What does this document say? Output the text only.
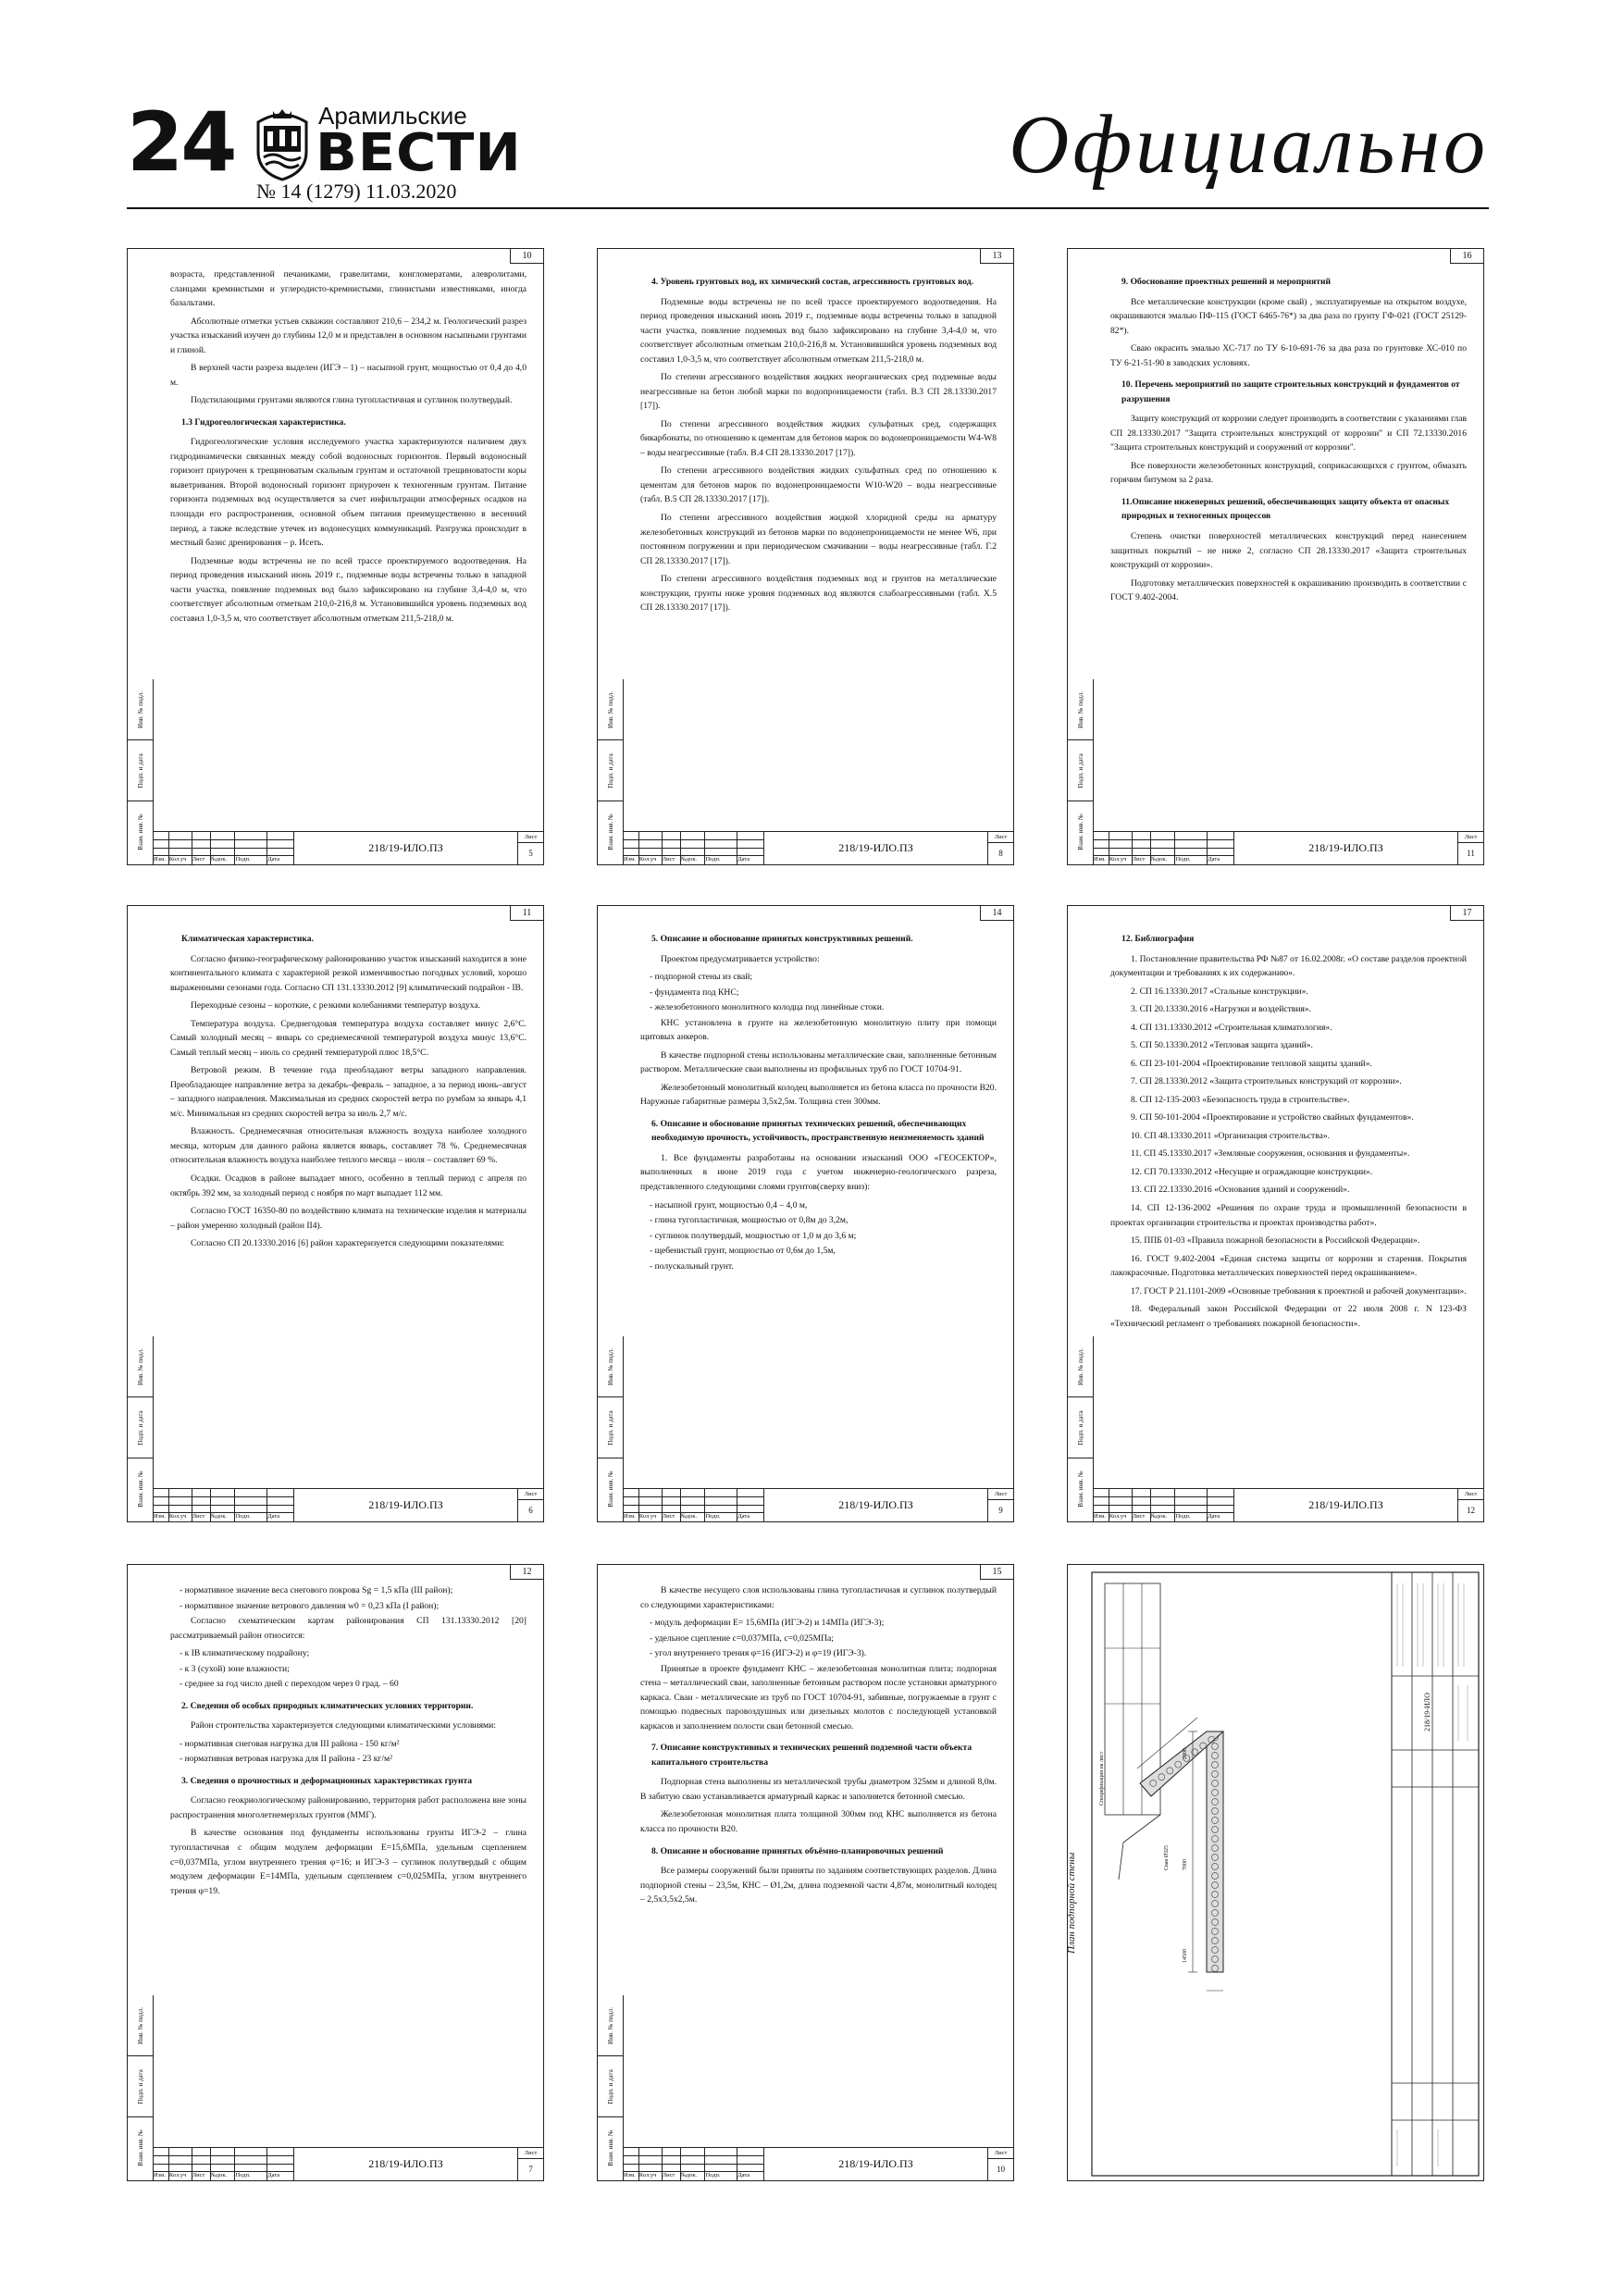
24	Арамильские
ВЕСТИ
№ 14 (1279) 11.03.2020
Официально
10
Инв. № подл.
Подп. и дата
Взам. инв. №

возраста, представленной печаниками, гравелитами, конгломератами, алевролитами, сланцами кремнистыми и углеродисто-кремнистыми, глинистыми известняками, иногда базальтами.

Абсолютные отметки устьев скважин составляют 210,6 – 234,2 м. Геологический разрез участка изысканий изучен до глубины 12,0 м и представлен в основном насыпными грунтами и глиной.

В верхней части разреза выделен (ИГЭ – 1) – насыпной грунт, мощностью от 0,4 до 4,0 м.

Подстилающими грунтами являются глина тугопластичная и суглинок полутвердый.

1.3 Гидрогеологическая характеристика.

Гидрогеологические условия исследуемого участка характеризуются наличием двух гидродинамически связанных между собой водоносных горизонтов. Первый водоносный горизонт приурочен к трещиноватым скальным грунтам и остаточной трещиноватости коры выветривания. Второй водоносный горизонт приурочен к техногенным грунтам. Питание горизонта подземных вод осуществляется за счет инфильтрации атмосферных осадков на площади его распространения, основной объем питания преимущественно в весенний период, а также вследствие утечек из водонесущих коммуникаций. Разгрузка происходит в местный базис дренирования – р. Исеть.

Подземные воды встречены не по всей трассе проектируемого водоотведения. На период проведения изысканий июнь 2019 г., подземные воды встречены только в западной части участка, появление подземных вод было зафиксировано на глубине 3,4-4,0 м, что соответствует абсолютным отметкам 210,0-216,8 м. Установившийся уровень подземных вод составил 1,0-3,5 м, что соответствует абсолютным отметкам 211,5-218,0 м.

Изм. Кол.уч Лист №док.	Подп.	Дата
218/19-ИЛО.ПЗ
Лист
5
13
Инв. № подл.
Подп. и дата
Взам. инв. №

4. Уровень грунтовых вод, их химический состав, агрессивность грунтовых вод.

Подземные воды встречены не по всей трассе проектируемого водоотведения. На период проведения изысканий июнь 2019 г., подземные воды встречены только в западной части участка, появление подземных вод было зафиксировано на глубине 3,4-4,0 м, что соответствует абсолютным отметкам 210,0-216,8 м. Установившийся уровень подземных вод составил 1,0-3,5 м, что соответствует абсолютным отметкам 211,5-218,0 м.

По степени агрессивного воздействия жидких неорганических сред подземные воды неагрессивные на бетон любой марки по водопроницаемости (табл. В.3 СП 28.13330.2017 [17]).

По степени агрессивного воздействия жидких сульфатных сред, содержащих бикарбонаты, по отношению к цементам для бетонов марок по водонепроницаемости W4-W8 – воды неагрессивные (табл. В.4 СП 28.13330.2017 [17]).

По степени агрессивного воздействия жидких сульфатных сред по отношению к цементам для бетонов марок по водонепроницаемости W10-W20 – воды неагрессивные (табл. В.5 СП 28.13330.2017 [17]).

По степени агрессивного воздействия жидкой хлоридной среды на арматуру железобетонных конструкций из бетонов марки по водонепроницаемости не менее W6, при постоянном погружении и при периодическом смачивании – воды неагрессивные (табл. Г.2 СП 28.13330.2017 [17]).

По степени агрессивного воздействия подземных вод и грунтов на металлические конструкции, грунты ниже уровня подземных вод являются слабоагрессивными (табл. Х.5 СП 28.13330.2017 [17]).

Изм. Кол.уч Лист №док.	Подп.	Дата
218/19-ИЛО.ПЗ
Лист
8
16
Инв. № подл.
Подп. и дата
Взам. инв. №

9. Обоснование проектных решений и мероприятий

Все металлические конструкции (кроме свай) , эксплуатируемые на открытом воздухе, окрашиваются эмалью ПФ-115 (ГОСТ 6465-76*) за два раза по грунту ГФ-021 (ГОСТ 25129-82*).

Сваю окрасить эмалью ХС-717 по ТУ 6-10-691-76 за два раза по грунтовке ХС-010 по ТУ 6-21-51-90 в заводских условиях.

10. Перечень мероприятий по защите строительных конструкций и фундаментов от разрушения

Защиту конструкций от коррозии следует производить в соответствии с указаниями глав СП 28.13330.2017 "Защита строительных конструкций от коррозии" и СП 72.13330.2016 "Защита строительных конструкций и сооружений от коррозии".

Все поверхности железобетонных конструкций, соприкасающихся с грунтом, обмазать горячим битумом за 2 раза.

11.Описание инженерных решений, обеспечивающих защиту объекта от опасных природных и техногенных процессов

Степень очистки поверхностей металлических конструкций перед нанесением защитных покрытий – не ниже 2, согласно СП 28.13330.2017 «Защита строительных конструкций от коррозии».

Подготовку металлических поверхностей к окрашиванию производить в соответствии с ГОСТ 9.402-2004.

Изм. Кол.уч Лист №док.	Подп.	Дата
218/19-ИЛО.ПЗ
Лист
11
11
Инв. № подл.
Подп. и дата
Взам. инв. №

Климатическая характеристика.

Согласно физико-географическому районированию участок изысканий находится в зоне континентального климата с характерной резкой изменчивостью погодных условий, хорошо выраженными сезонами года. Согласно СП 131.13330.2012 [9] климатический подрайон - IВ.

Переходные сезоны – короткие, с резкими колебаниями температур воздуха.

Температура воздуха. Среднегодовая температура воздуха составляет минус 2,6°С. Самый холодный месяц – январь со среднемесячной температурой воздуха минус 13,6°С. Самый теплый месяц – июль со средней температурой плюс 18,5°С.

Ветровой режим. В течение года преобладают ветры западного направления. Преобладающее направление ветра за декабрь–февраль – западное, а за период июнь–август – западного направления. Максимальная из средних скоростей ветра по румбам за январь 4,1 м/с. Минимальная из средних скоростей ветра за июль 2,7 м/с.

Влажность. Среднемесячная относительная влажность воздуха наиболее холодного месяца, которым для данного района является январь, составляет 78 %. Среднемесячная относительная влажность воздуха наиболее теплого месяца – июля – составляет 69 %.

Осадки. Осадков в районе выпадает много, особенно в теплый период с апреля по октябрь 392 мм, за холодный период с ноября по март выпадает 112 мм.

Согласно ГОСТ 16350-80 по воздействию климата на технические изделия и материалы – район умеренно холодный (район II4).

Согласно СП 20.13330.2016 [6] район характеризуется следующими показателями:

Изм. Кол.уч Лист №док.	Подп.	Дата
218/19-ИЛО.ПЗ
Лист
6
14
Инв. № подл.
Подп. и дата
Взам. инв. №

5. Описание и обоснование принятых конструктивных решений.

Проектом предусматривается устройство:

- подпорной стены из свай;

- фундамента под КНС;

- железобетонного монолитного колодца под линейные стоки.

КНС установлена в грунте на железобетонную монолитную плиту при помощи щитовых анкеров.

В качестве подпорной стены использованы металлические сваи, заполненные бетонным раствором. Металлические сваи выполнены из профильных труб по ГОСТ 10704-91.

Железобетонный монолитный колодец выполняется из бетона класса по прочности В20. Наружные габаритные размеры 3,5х2,5м. Толщина стен 300мм.

6. Описание и обоснование принятых технических решений, обеспечивающих необходимую прочность, устойчивость, пространственную неизменяемость зданий

1. Все фундаменты разработаны на основании изысканий ООО «ГЕОСЕКТОР», выполненных в июне 2019 года с учетом инженерно-геологического разреза, представленного следующими слоями грунтов(сверху вниз):

- насыпной грунт, мощностью 0,4 – 4,0 м,

- глина тугопластичная, мощностью от 0,8м до 3,2м,

- суглинок полутвердый, мощностью от 1,0 м до 3,6 м;

- щебенистый грунт, мощностью от 0,6м до 1,5м,

- полускальный грунт.

Изм. Кол.уч Лист №док.	Подп.	Дата
218/19-ИЛО.ПЗ
Лист
9
17
Инв. № подл.
Подп. и дата
Взам. инв. №

12. Библиография

1. Постановление правительства РФ №87 от 16.02.2008г. «О составе разделов проектной документации и требованиях к их содержанию».

2. СП 16.13330.2017 «Стальные конструкции».

3. СП 20.13330.2016 «Нагрузки и воздействия».

4. СП 131.13330.2012 «Строительная климатология».

5. СП 50.13330.2012 «Тепловая защита зданий».

6. СП 23-101-2004 «Проектирование тепловой защиты зданий».

7. СП 28.13330.2012 «Защита строительных конструкций от коррозии».

8. СП 12-135-2003 «Безопасность труда в строительстве».

9. СП 50-101-2004 «Проектирование и устройство свайных фундаментов».

10. СП 48.13330.2011 «Организация строительства».

11. СП 45.13330.2017 «Земляные сооружения, основания и фундаменты».

12. СП 70.13330.2012 «Несущие и ограждающие конструкции».

13. СП 22.13330.2016 «Основания зданий и сооружений».

14. СП 12-136-2002 «Решения по охране труда и промышленной безопасности в проектах организации строительства и проектах производства работ».

15. ППБ 01-03 «Правила пожарной безопасности в Российской Федерации».

16. ГОСТ 9.402-2004 «Единая система защиты от коррозии и старения. Покрытия лакокрасочные. Подготовка металлических поверхностей перед окрашиванием».

17. ГОСТ Р 21.1101-2009 «Основные требования к проектной и рабочей документации».

18. Федеральный закон Российской Федерации от 22 июля 2008 г. N 123-ФЗ «Технический регламент о требованиях пожарной безопасности».

Изм. Кол.уч Лист №док.	Подп.	Дата
218/19-ИЛО.ПЗ
Лист
12
12
Инв. № подл.
Подп. и дата
Взам. инв. №

- нормативное значение веса снегового покрова Sg = 1,5 кПа (III район);

- нормативное значение ветрового давления w0 = 0,23 кПа (I район);

Согласно схематическим картам районирования СП 131.13330.2012 [20] рассматриваемый район относится:

- к IВ климатическому подрайону;

- к 3 (сухой) зоне влажности;

- среднее за год число дней с переходом через 0 град. – 60

2. Сведения об особых природных климатических условиях территории.

Район строительства характеризуется следующими климатическими условиями:

- нормативная снеговая нагрузка для III района - 150 кг/м²

- нормативная ветровая нагрузка для II района - 23 кг/м²

3. Сведения о прочностных и деформационных характеристиках грунта

Согласно геокриологическому районированию, территория работ расположена вне зоны распространения многолетнемерзлых грунтов (ММГ).

В качестве основания под фундаменты использованы грунты ИГЭ-2 – глина тугопластичная с общим модулем деформации Е=15,6МПа, удельным сцеплением с=0,037МПа, углом внутреннего трения φ=16; и ИГЭ-3 – суглинок полутвердый с общим модулем деформации Е=14МПа, удельным сцеплением с=0,025МПа, углом внутреннего трения φ=19.

Изм. Кол.уч Лист №док.	Подп.	Дата
218/19-ИЛО.ПЗ
Лист
7
15
Инв. № подл.
Подп. и дата
Взам. инв. №

В качестве несущего слоя использованы глина тугопластичная и суглинок полутвердый со следующими характеристиками:

- модуль деформации Е= 15,6МПа (ИГЭ-2) и 14МПа (ИГЭ-3);

- удельное сцепление с=0,037МПа, с=0,025МПа;

- угол внутреннего трения φ=16 (ИГЭ-2) и φ=19 (ИГЭ-3).

Принятые в проекте фундамент КНС – железобетонная монолитная плита; подпорная стена – металлический сваи, заполненные бетонным раствором после установки арматурного каркаса. Сваи - металлические из труб по ГОСТ 10704-91, забивные, погружаемые в грунт с помощью подвесных паровоздушных или дизельных молотов с последующей установкой каркасов и заполнением полости сваи бетонной смесью.

7. Описание конструктивных и технических решений подземной части объекта капитального строительства

Подпорная стена выполнены из металлической трубы диаметром 325мм и длиной 8,0м. В забитую сваю устанавливается арматурный каркас и заполняется бетонной смесью.

Железобетонная монолитная плита толщиной 300мм под КНС выполняется из бетона класса по прочности В20.

8. Описание и обоснование принятых объёмно-планировочных решений

Все размеры сооружений были приняты по заданиям соответствующих разделов. Длина подпорной стены – 23,5м, КНС – Ø1,2м, длина подземной части 4,87м, монолитный колодец – 2,5х3,5х2,5м.

Изм. Кол.уч Лист №док.	Подп.	Дата
218/19-ИЛО.ПЗ
Лист
10
План подпорной стены
Спецификация на лист
218/19-ИЛО
Свая Ø325
2000
7000
14500
